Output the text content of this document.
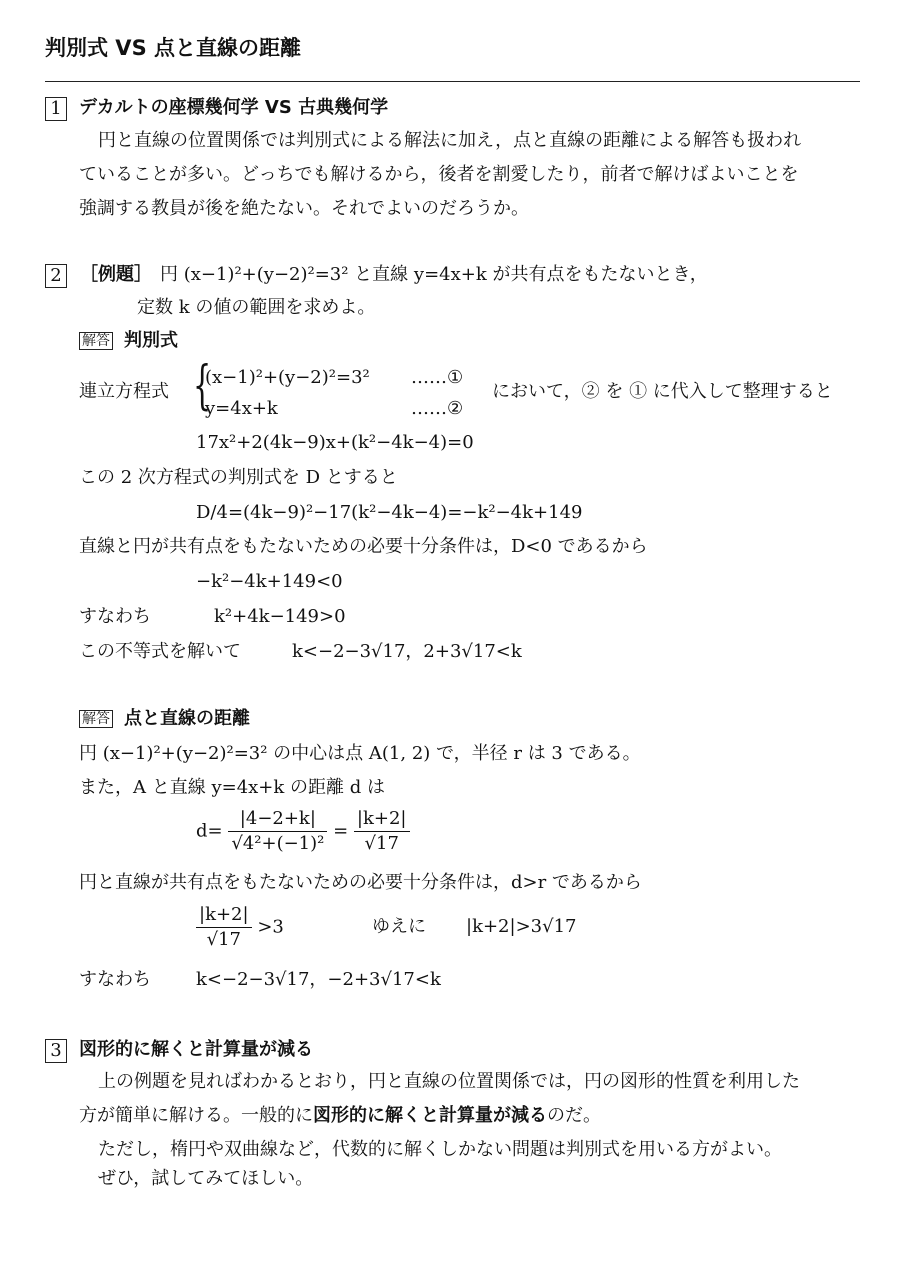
判別式 VS 点と直線の距離
1 デカルトの座標幾何学 VS 古典幾何学
円と直線の位置関係では判別式による解法に加え，点と直線の距離による解答も扱われ
ていることが多い。どっちでも解けるから，後者を割愛したり，前者で解けばよいことを
強調する教員が後を絶たない。それでよいのだろうか。
2 ［例題］ 円 (x−1)²+(y−2)²=3² と直線 y=4x+k が共有点をもたないとき，
定数 k の値の範囲を求めよ。
解答 判別式
連立方程式 {
(x−1)²+(y−2)²=3² ……①
y=4x+k	……②
において，② を ① に代入して整理すると
17x²+2(4k−9)x+(k²−4k−4)=0
この 2 次方程式の判別式を D とすると
D/4=(4k−9)²−17(k²−4k−4)=−k²−4k+149
直線と円が共有点をもたないための必要十分条件は，D<0 であるから
−k²−4k+149<0
すなわち	k²+4k−149>0
この不等式を解いて	k<−2−3√17，2+3√17<k
解答 点と直線の距離
円 (x−1)²+(y−2)²=3² の中心は点 A(1, 2) で，半径 r は 3 である。
また，A と直線 y=4x+k の距離 d は
$d= \frac{|4-2+k|}{\text{√4²+(−1)²}} = \frac{|k+2|}{√17}$
円と直線が共有点をもたないための必要十分条件は，d>r であるから
$\frac{|k+2|}{√17} >3$	ゆえに |k+2|>3√17
すなわち	k<−2−3√17，−2+3√17<k
3 図形的に解くと計算量が減る
上の例題を見ればわかるとおり，円と直線の位置関係では，円の図形的性質を利用した
方が簡単に解ける。一般的に図形的に解くと計算量が減るのだ。
ただし，楕円や双曲線など，代数的に解くしかない問題は判別式を用いる方がよい。
ぜひ，試してみてほしい。
